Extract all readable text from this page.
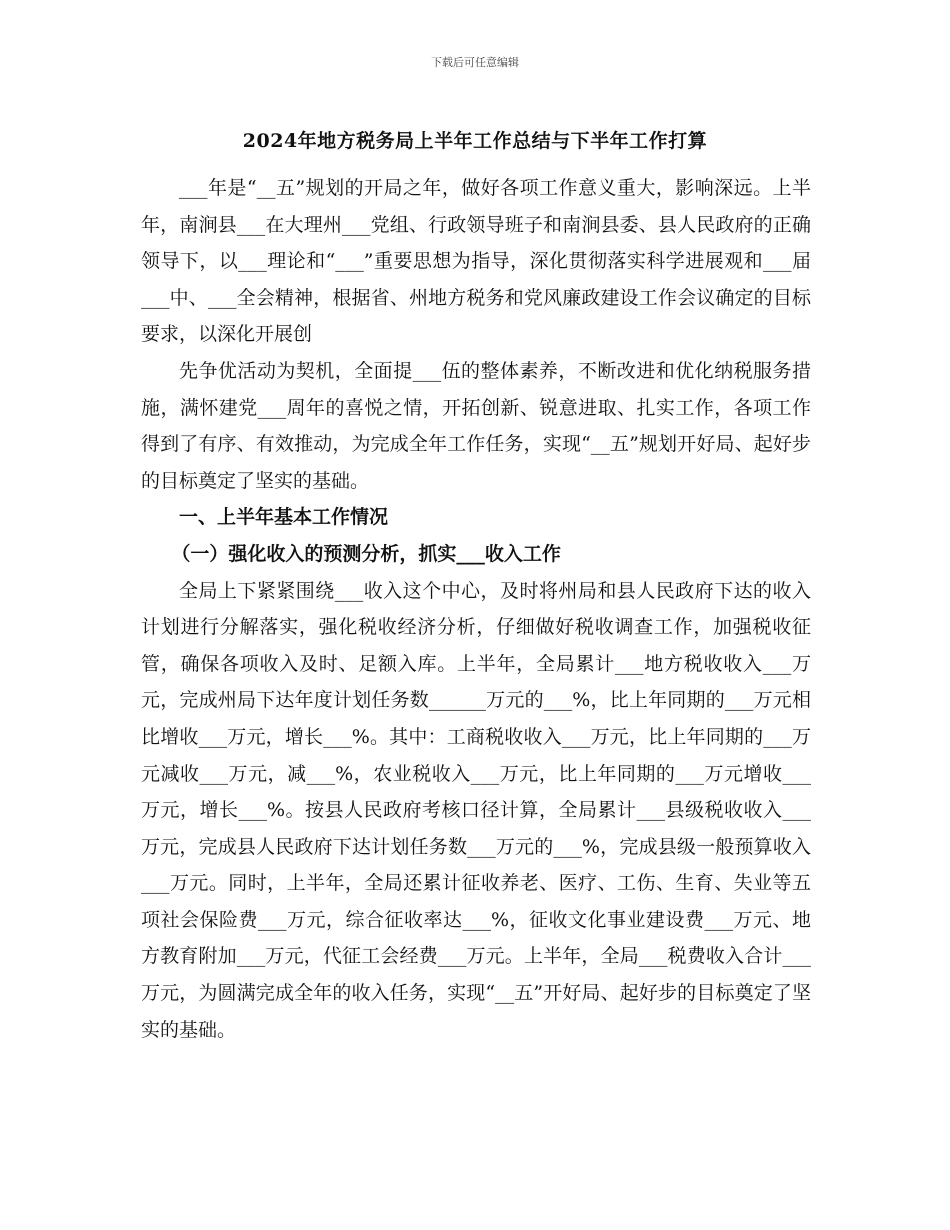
下载后可任意编辑
2024年地方税务局上半年工作总结与下半年工作打算

___年是“__五”规划的开局之年，做好各项工作意义重大，影响深远。上半年，南涧县___在大理州___党组、行政领导班子和南涧县委、县人民政府的正确领导下，以___理论和“___”重要思想为指导，深化贯彻落实科学进展观和___届___中、___全会精神，根据省、州地方税务和党风廉政建设工作会议确定的目标要求，以深化开展创

先争优活动为契机，全面提___伍的整体素养，不断改进和优化纳税服务措施，满怀建党___周年的喜悦之情，开拓创新、锐意进取、扎实工作，各项工作得到了有序、有效推动，为完成全年工作任务，实现“__五”规划开好局、起好步的目标奠定了坚实的基础。

一、上半年基本工作情况

（一）强化收入的预测分析，抓实___收入工作

全局上下紧紧围绕___收入这个中心，及时将州局和县人民政府下达的收入计划进行分解落实，强化税收经济分析，仔细做好税收调查工作，加强税收征管，确保各项收入及时、足额入库。上半年，全局累计___地方税收收入___万元，完成州局下达年度计划任务数______万元的___%，比上年同期的___万元相比增收___万元，增长___%。其中：工商税收收入___万元，比上年同期的___万元减收___万元，减___%，农业税收入___万元，比上年同期的___万元增收___万元，增长___%。按县人民政府考核口径计算，全局累计___县级税收收入___万元，完成县人民政府下达计划任务数___万元的___%，完成县级一般预算收入___万元。同时，上半年，全局还累计征收养老、医疗、工伤、生育、失业等五项社会保险费___万元，综合征收率达___%，征收文化事业建设费___万元、地方教育附加___万元，代征工会经费___万元。上半年，全局___税费收入合计___万元，为圆满完成全年的收入任务，实现“__五”开好局、起好步的目标奠定了坚实的基础。
